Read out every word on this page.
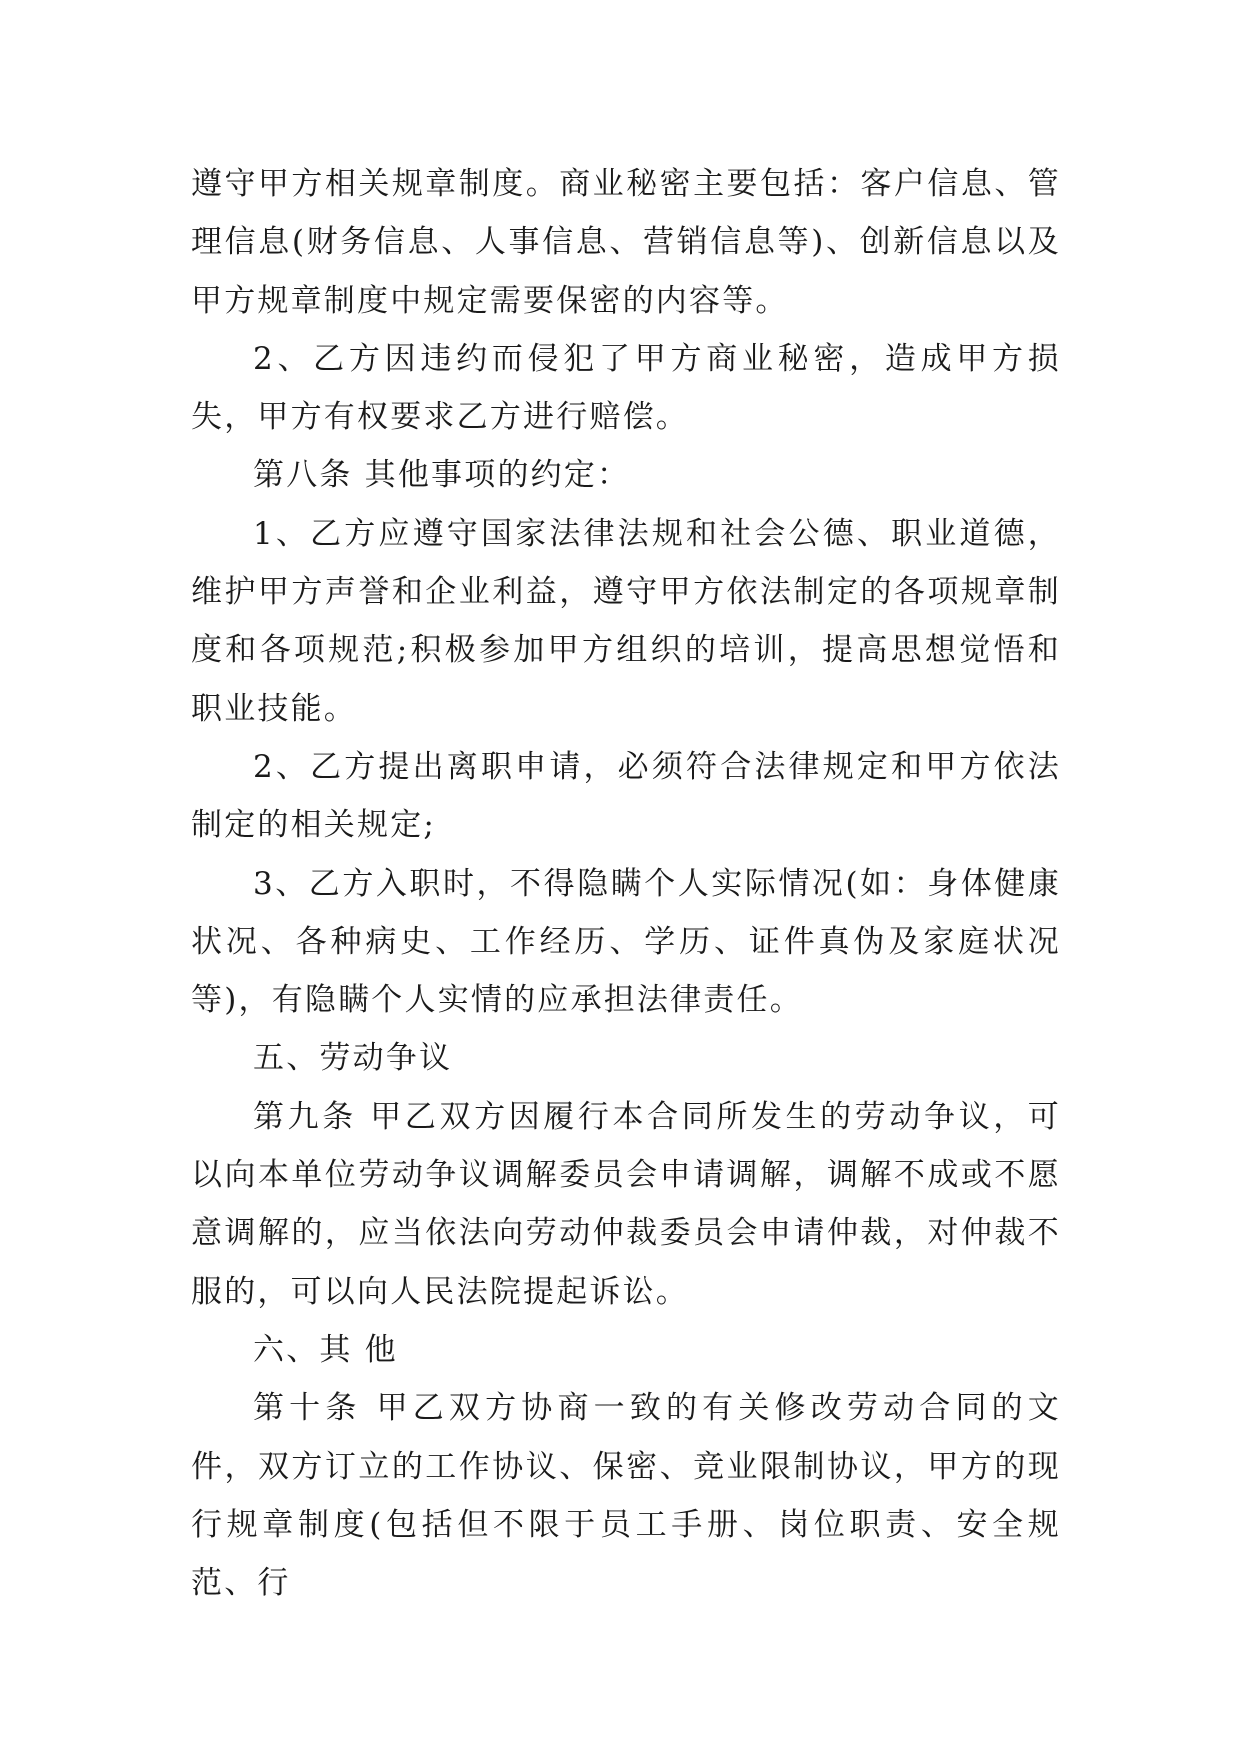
遵守甲方相关规章制度。商业秘密主要包括：客户信息、管理信息(财务信息、人事信息、营销信息等)、创新信息以及甲方规章制度中规定需要保密的内容等。

2、乙方因违约而侵犯了甲方商业秘密，造成甲方损失，甲方有权要求乙方进行赔偿。

第八条 其他事项的约定：

1、乙方应遵守国家法律法规和社会公德、职业道德，维护甲方声誉和企业利益，遵守甲方依法制定的各项规章制度和各项规范;积极参加甲方组织的培训，提高思想觉悟和职业技能。

2、乙方提出离职申请，必须符合法律规定和甲方依法制定的相关规定;

3、乙方入职时，不得隐瞒个人实际情况(如：身体健康状况、各种病史、工作经历、学历、证件真伪及家庭状况等)，有隐瞒个人实情的应承担法律责任。

五、劳动争议

第九条 甲乙双方因履行本合同所发生的劳动争议，可以向本单位劳动争议调解委员会申请调解，调解不成或不愿意调解的，应当依法向劳动仲裁委员会申请仲裁，对仲裁不服的，可以向人民法院提起诉讼。

六、其 他

第十条 甲乙双方协商一致的有关修改劳动合同的文件，双方订立的工作协议、保密、竞业限制协议，甲方的现行规章制度(包括但不限于员工手册、岗位职责、安全规范、行
